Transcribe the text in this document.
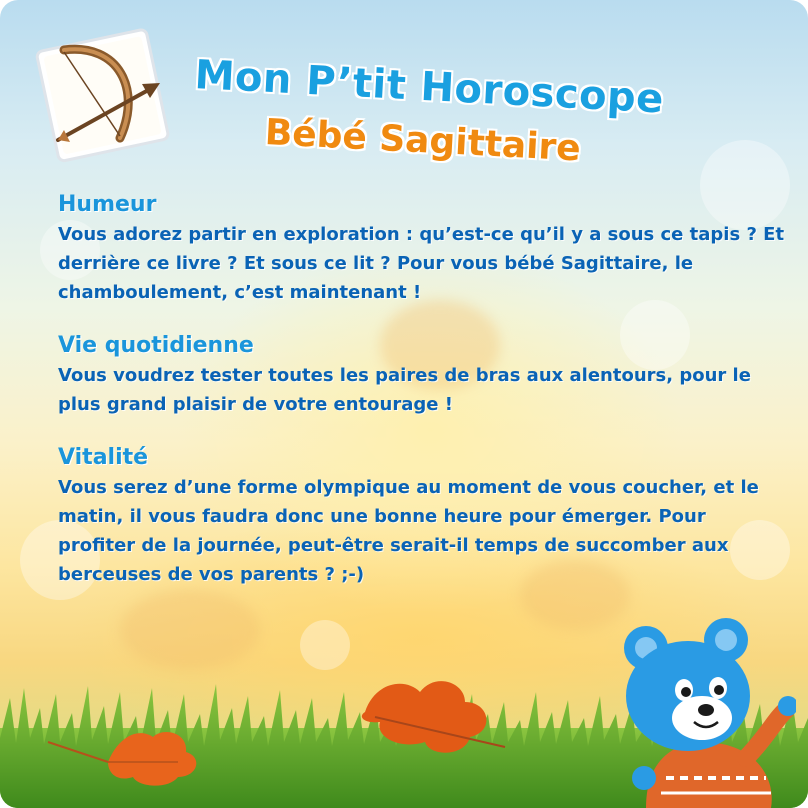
Mon P’tit Horoscope
Bébé Sagittaire
Humeur
Vous adorez partir en exploration : qu’est-ce qu’il y a sous ce tapis ? Et derrière ce livre ? Et sous ce lit ? Pour vous bébé Sagittaire, le chamboulement, c’est maintenant !
Vie quotidienne
Vous voudrez tester toutes les paires de bras aux alentours, pour le plus grand plaisir de votre entourage !
Vitalité
Vous serez d’une forme olympique au moment de vous coucher, et le matin, il vous faudra donc une bonne heure pour émerger. Pour profiter de la journée, peut-être serait-il temps de succomber aux berceuses de vos parents ? ;-)
